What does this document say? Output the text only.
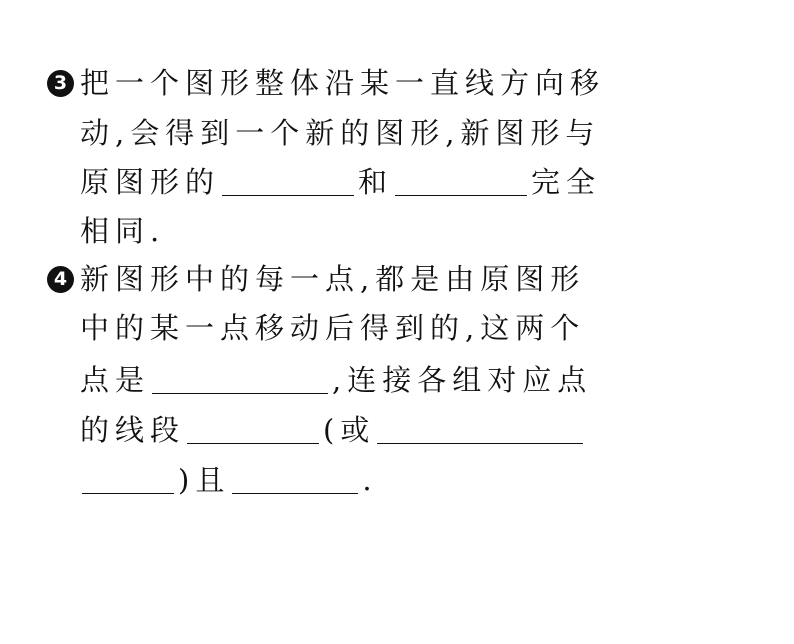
3 把一个图形整体沿某一直线方向移
动,会得到一个新的图形,新图形与
原图形的	和	完全
相同.
4 新图形中的每一点,都是由原图形
中的某一点移动后得到的,这两个
点是	,连接各组对应点
的线段	(或
)且	.
